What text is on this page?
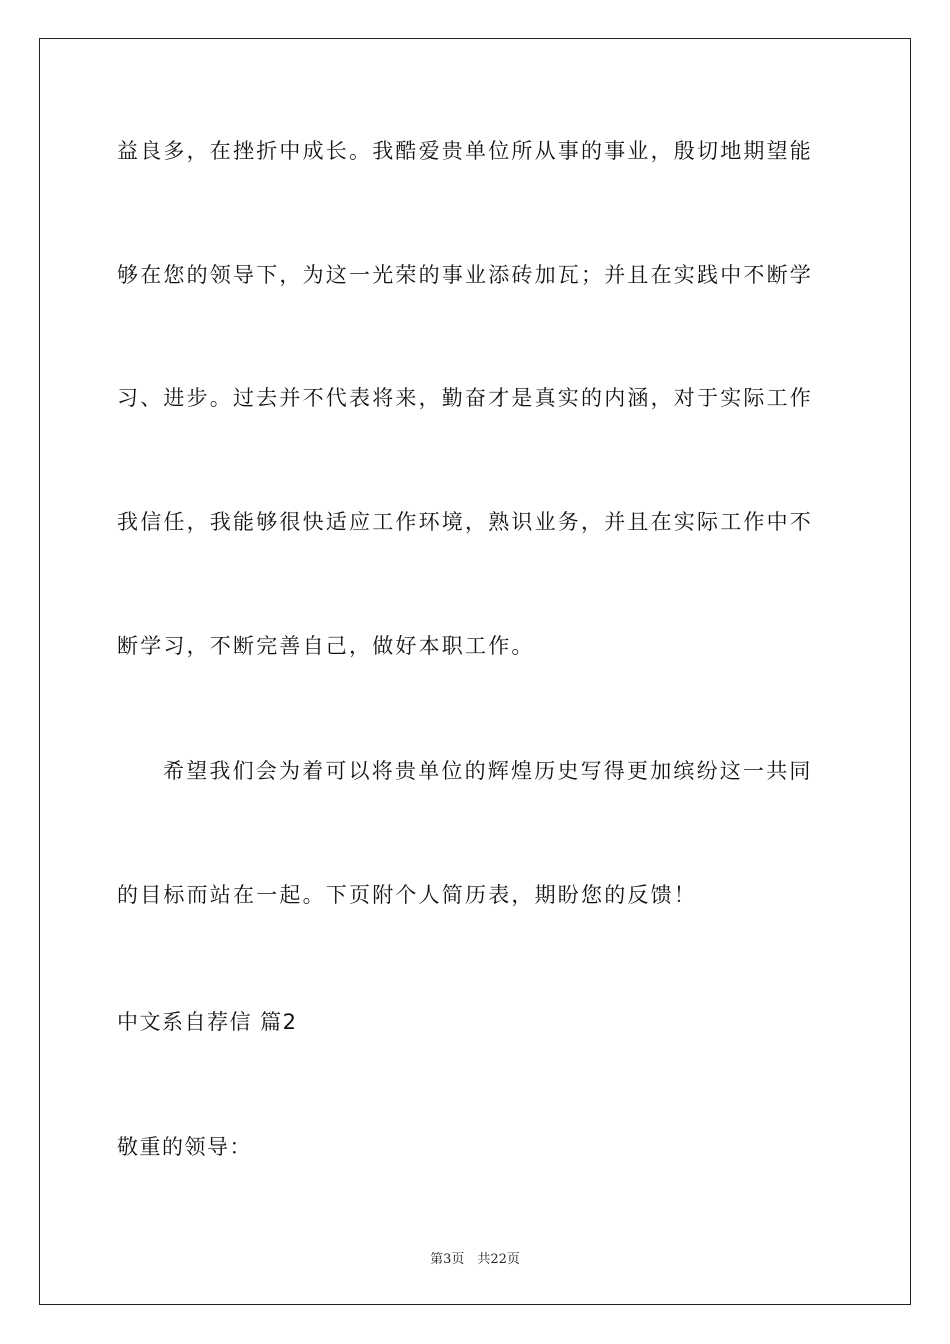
益良多，在挫折中成长。我酷爱贵单位所从事的事业，殷切地期望能
够在您的领导下，为这一光荣的事业添砖加瓦；并且在实践中不断学
习、进步。过去并不代表将来，勤奋才是真实的内涵，对于实际工作
我信任，我能够很快适应工作环境，熟识业务，并且在实际工作中不
断学习，不断完善自己，做好本职工作。
希望我们会为着可以将贵单位的辉煌历史写得更加缤纷这一共同
的目标而站在一起。下页附个人简历表，期盼您的反馈！
中文系自荐信 篇2
敬重的领导：
第3页　共22页
